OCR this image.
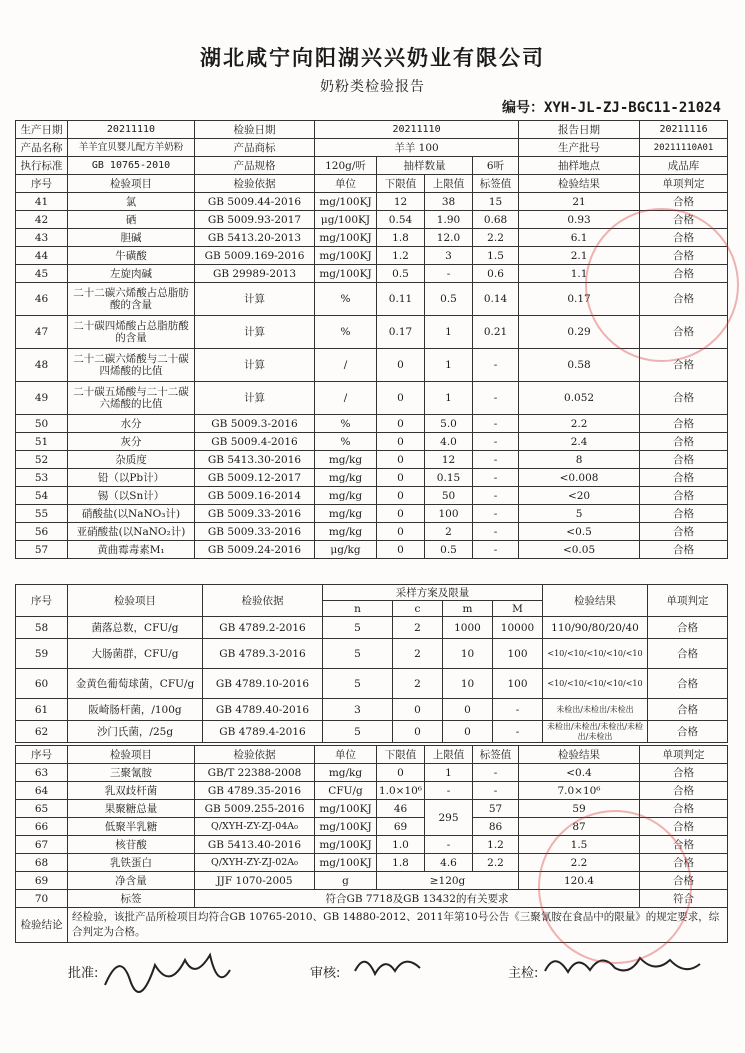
湖北咸宁向阳湖兴兴奶业有限公司
奶粉类检验报告
编号：XYH-JL-ZJ-BGC11-21024
生产日期	20211110	检验日期	20211110				报告日期	20211116
产品名称	羊羊宜贝婴儿配方羊奶粉	产品商标	羊羊 100				生产批号	20211110A01
执行标准	GB 10765-2010	产品规格	120g/听	抽样数量		6听	抽样地点	成品库
序号	检验项目	检验依据	单位	下限值	上限值	标签值	检验结果	单项判定
41	氯	GB 5009.44-2016	mg/100KJ	12	38	15	21	合格
42	硒	GB 5009.93-2017	μg/100KJ	0.54	1.90	0.68	0.93	合格
43	胆碱	GB 5413.20-2013	mg/100KJ	1.8	12.0	2.2	6.1	合格
44	牛磺酸	GB 5009.169-2016	mg/100KJ	1.2	3	1.5	2.1	合格
45	左旋肉碱	GB 29989-2013	mg/100KJ	0.5	-	0.6	1.1	合格
46	二十二碳六烯酸占总脂肪酸的含量	计算	%	0.11	0.5	0.14	0.17	合格
47	二十碳四烯酸占总脂肪酸的含量	计算	%	0.17	1	0.21	0.29	合格
48	二十二碳六烯酸与二十碳四烯酸的比值	计算	/	0	1	-	0.58	合格
49	二十碳五烯酸与二十二碳六烯酸的比值	计算	/	0	1	-	0.052	合格
50	水分	GB 5009.3-2016	%	0	5.0	-	2.2	合格
51	灰分	GB 5009.4-2016	%	0	4.0	-	2.4	合格
52	杂质度	GB 5413.30-2016	mg/kg	0	12	-	8	合格
53	铅（以Pb计）	GB 5009.12-2017	mg/kg	0	0.15	-	<0.008	合格
54	锡（以Sn计）	GB 5009.16-2014	mg/kg	0	50	-	<20	合格
55	硝酸盐(以NaNO₃计)	GB 5009.33-2016	mg/kg	0	100	-	5	合格
56	亚硝酸盐(以NaNO₂计)	GB 5009.33-2016	mg/kg	0	2	-	<0.5	合格
57	黄曲霉毒素M₁	GB 5009.24-2016	μg/kg	0	0.5	-	<0.05	合格
序号	检验项目	检验依据	采样方案及限量				检验结果	单项判定
			n	c	m	M		
58	菌落总数，CFU/g	GB 4789.2-2016	5	2	1000	10000	110/90/80/20/40	合格
59	大肠菌群，CFU/g	GB 4789.3-2016	5	2	10	100	<10/<10/<10/<10/<10	合格
60	金黄色葡萄球菌，CFU/g	GB 4789.10-2016	5	2	10	100	<10/<10/<10/<10/<10	合格
61	阪崎肠杆菌，/100g	GB 4789.40-2016	3	0	0	-	未检出/未检出/未检出	合格
62	沙门氏菌，/25g	GB 4789.4-2016	5	0	0	-	未检出/未检出/未检出/未检出/未检出	合格
序号	检验项目	检验依据	单位	下限值	上限值	标签值	检验结果	单项判定
63	三聚氰胺	GB/T 22388-2008	mg/kg	0	1	-	<0.4	合格
64	乳双歧杆菌	GB 4789.35-2016	CFU/g	1.0×10⁶	-	-	7.0×10⁶	合格
65	果聚糖总量	GB 5009.255-2016	mg/100KJ	46	295	57	59	合格
66	低聚半乳糖	Q/XYH-ZY-ZJ-04A₀	mg/100KJ	69		86	87	合格
67	核苷酸	GB 5413.40-2016	mg/100KJ	1.0	-	1.2	1.5	合格
68	乳铁蛋白	Q/XYH-ZY-ZJ-02A₀	mg/100KJ	1.8	4.6	2.2	2.2	合格
69	净含量	JJF 1070-2005	g	≥120g			120.4	合格
70	标签	符合GB 7718及GB 13432的有关要求						符合
检验结论	经检验，该批产品所检项目均符合GB 10765-2010、GB 14880-2012、2011年第10号公告《三聚氰胺在食品中的限量》的规定要求，综合判定为合格。							
批准:	审核:	主检:
